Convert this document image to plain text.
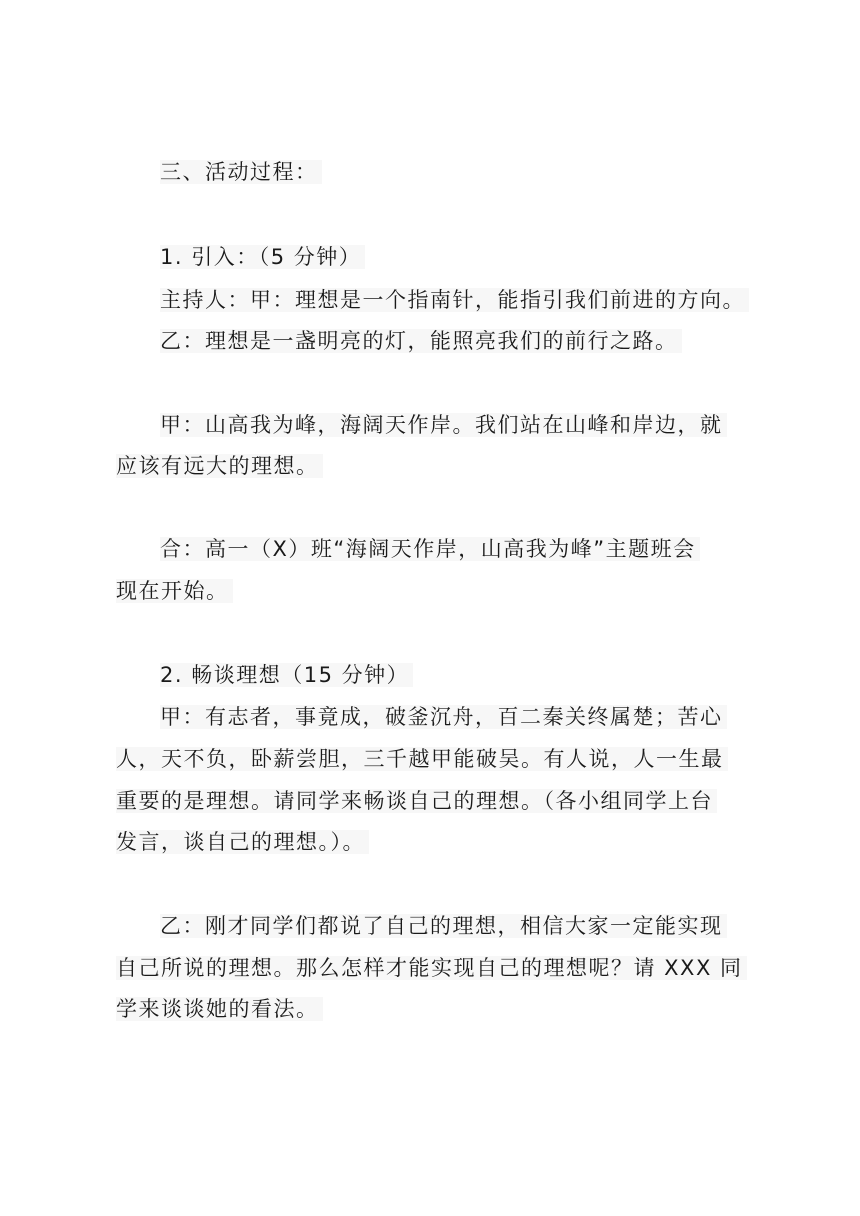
三、活动过程：
1. 引入：（5 分钟）
主持人：甲：理想是一个指南针，能指引我们前进的方向。
乙：理想是一盏明亮的灯，能照亮我们的前行之路。
甲：山高我为峰，海阔天作岸。我们站在山峰和岸边，就
应该有远大的理想。
合：高一（X）班“海阔天作岸，山高我为峰”主题班会
现在开始。
2. 畅谈理想（15 分钟）
甲：有志者，事竟成，破釜沉舟，百二秦关终属楚；苦心
人，天不负，卧薪尝胆，三千越甲能破吴。有人说，人一生最
重要的是理想。请同学来畅谈自己的理想。（各小组同学上台
发言，谈自己的理想。）。
乙：刚才同学们都说了自己的理想，相信大家一定能实现
自己所说的理想。那么怎样才能实现自己的理想呢？请 XXX 同
学来谈谈她的看法。
